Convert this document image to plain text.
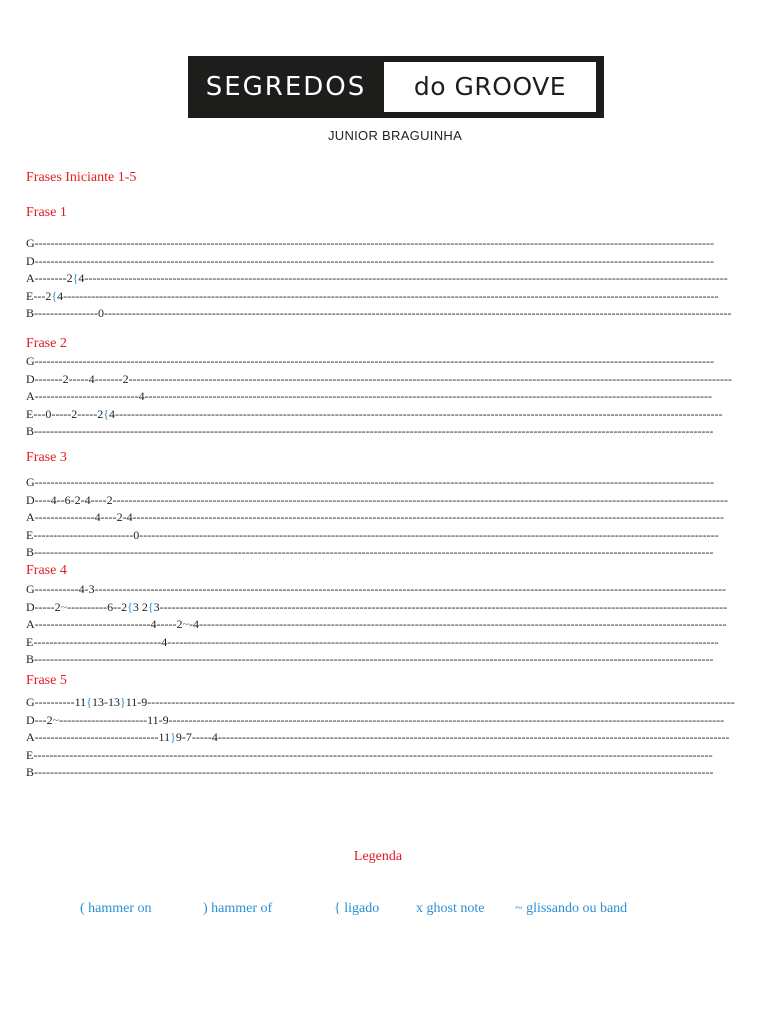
SEGREDOS	do GROOVE
JUNIOR BRAGUINHA
Frases Iniciante 1-5
Frase 1
G--------------------------------------------------------------------------------------------------------------------------------------------------------------------------
D--------------------------------------------------------------------------------------------------------------------------------------------------------------------------
A--------2{4-----------------------------------------------------------------------------------------------------------------------------------------------------------------
E---2{4--------------------------------------------------------------------------------------------------------------------------------------------------------------------
B----------------0-------------------------------------------------------------------------------------------------------------------------------------------------------------
Frase 2
G--------------------------------------------------------------------------------------------------------------------------------------------------------------------------
D-------2-----4-------2-------------------------------------------------------------------------------------------------------------------------------------------------------
A--------------------------4----------------------------------------------------------------------------------------------------------------------------------------------
E---0-----2-----2{4--------------------------------------------------------------------------------------------------------------------------------------------------------
B--------------------------------------------------------------------------------------------------------------------------------------------------------------------------
Frase 3
G--------------------------------------------------------------------------------------------------------------------------------------------------------------------------
D----4--6-2-4----2----------------------------------------------------------------------------------------------------------------------------------------------------------
A---------------4----2-4----------------------------------------------------------------------------------------------------------------------------------------------------
E-------------------------0-------------------------------------------------------------------------------------------------------------------------------------------------
B--------------------------------------------------------------------------------------------------------------------------------------------------------------------------
Frase 4
G-----------4-3--------------------------------------------------------------------------------------------------------------------------------------------------------------
D-----2~----------6--2{3 2{3----------------------------------------------------------------------------------------------------------------------------------------------
A-----------------------------4-----2~-4------------------------------------------------------------------------------------------------------------------------------------
E--------------------------------4------------------------------------------------------------------------------------------------------------------------------------------
B--------------------------------------------------------------------------------------------------------------------------------------------------------------------------
Frase 5
G----------11{13-13}11-9---------------------------------------------------------------------------------------------------------------------------------------------------
D---2~----------------------11-9-------------------------------------------------------------------------------------------------------------------------------------------
A-------------------------------11}9-7-----4--------------------------------------------------------------------------------------------------------------------------------
E--------------------------------------------------------------------------------------------------------------------------------------------------------------------------
B--------------------------------------------------------------------------------------------------------------------------------------------------------------------------
Legenda
( hammer on	) hammer of	{ ligado	x ghost note ~ glissando ou band
